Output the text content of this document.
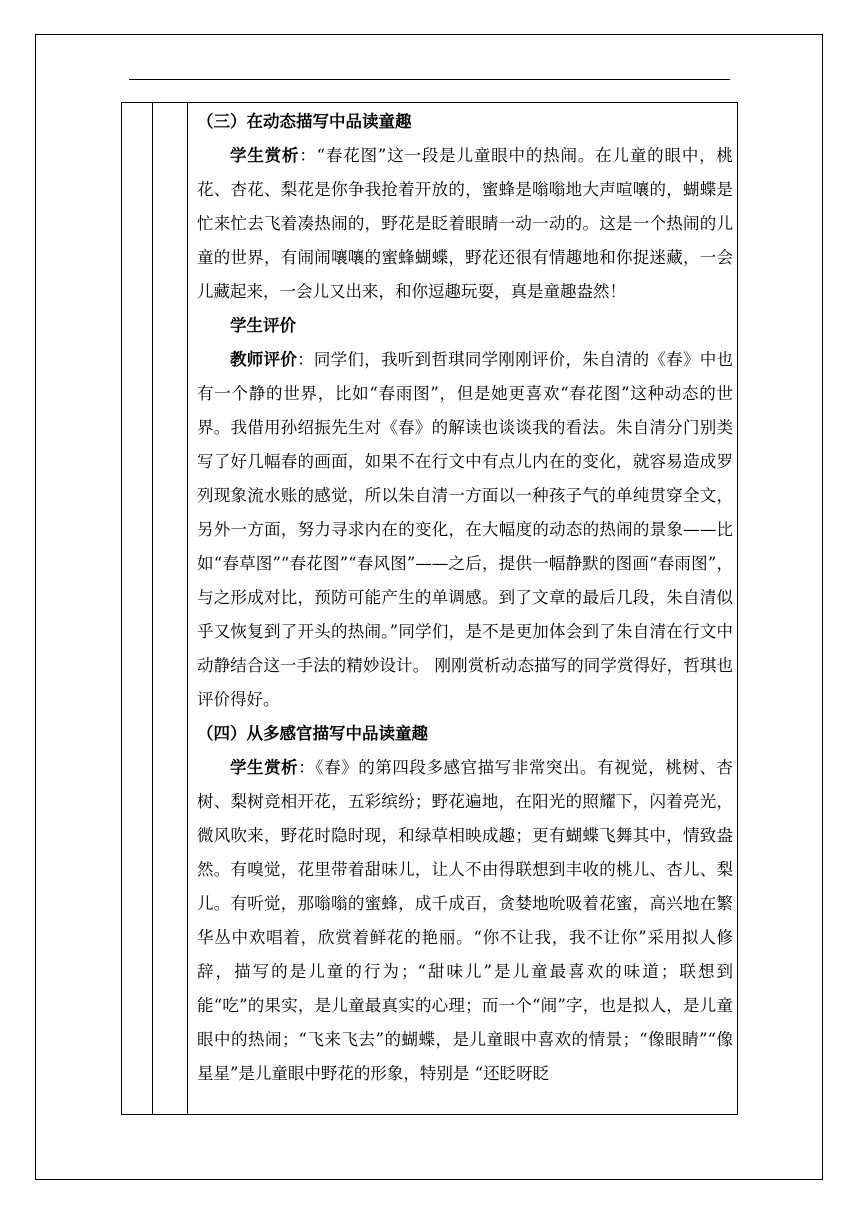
（三）在动态描写中品读童趣

学生赏析：“春花图”这一段是儿童眼中的热闹。在儿童的眼中，桃花、杏花、梨花是你争我抢着开放的，蜜蜂是嗡嗡地大声喧嚷的，蝴蝶是忙来忙去飞着凑热闹的，野花是眨着眼睛一动一动的。这是一个热闹的儿童的世界，有闹闹嚷嚷的蜜蜂蝴蝶，野花还很有情趣地和你捉迷藏，一会儿藏起来，一会儿又出来，和你逗趣玩耍，真是童趣盎然！

学生评价

教师评价：同学们，我听到哲琪同学刚刚评价，朱自清的《春》中也有一个静的世界，比如“春雨图”，但是她更喜欢“春花图”这种动态的世界。我借用孙绍振先生对《春》的解读也谈谈我的看法。朱自清分门别类写了好几幅春的画面，如果不在行文中有点儿内在的变化，就容易造成罗列现象流水账的感觉，所以朱自清一方面以一种孩子气的单纯贯穿全文，另外一方面，努力寻求内在的变化，在大幅度的动态的热闹的景象——比如“春草图”“春花图”“春风图”——之后，提供一幅静默的图画“春雨图”，与之形成对比，预防可能产生的单调感。到了文章的最后几段，朱自清似乎又恢复到了开头的热闹。”同学们，是不是更加体会到了朱自清在行文中动静结合这一手法的精妙设计。 刚刚赏析动态描写的同学赏得好，哲琪也评价得好。

（四）从多感官描写中品读童趣

学生赏析：《春》的第四段多感官描写非常突出。有视觉，桃树、杏树、梨树竞相开花，五彩缤纷；野花遍地，在阳光的照耀下，闪着亮光，微风吹来，野花时隐时现，和绿草相映成趣；更有蝴蝶飞舞其中，情致盎然。有嗅觉，花里带着甜味儿，让人不由得联想到丰收的桃儿、杏儿、梨儿。有听觉，那嗡嗡的蜜蜂，成千成百，贪婪地吮吸着花蜜，高兴地在繁华丛中欢唱着，欣赏着鲜花的艳丽。“你不让我，我不让你”采用拟人修辞，描写的是儿童的行为；“甜味儿”是儿童最喜欢的味道；联想到能“吃”的果实，是儿童最真实的心理；而一个“闹”字，也是拟人，是儿童眼中的热闹；“飞来飞去”的蝴蝶，是儿童眼中喜欢的情景；“像眼睛”“像星星”是儿童眼中野花的形象，特别是 “还眨呀眨
